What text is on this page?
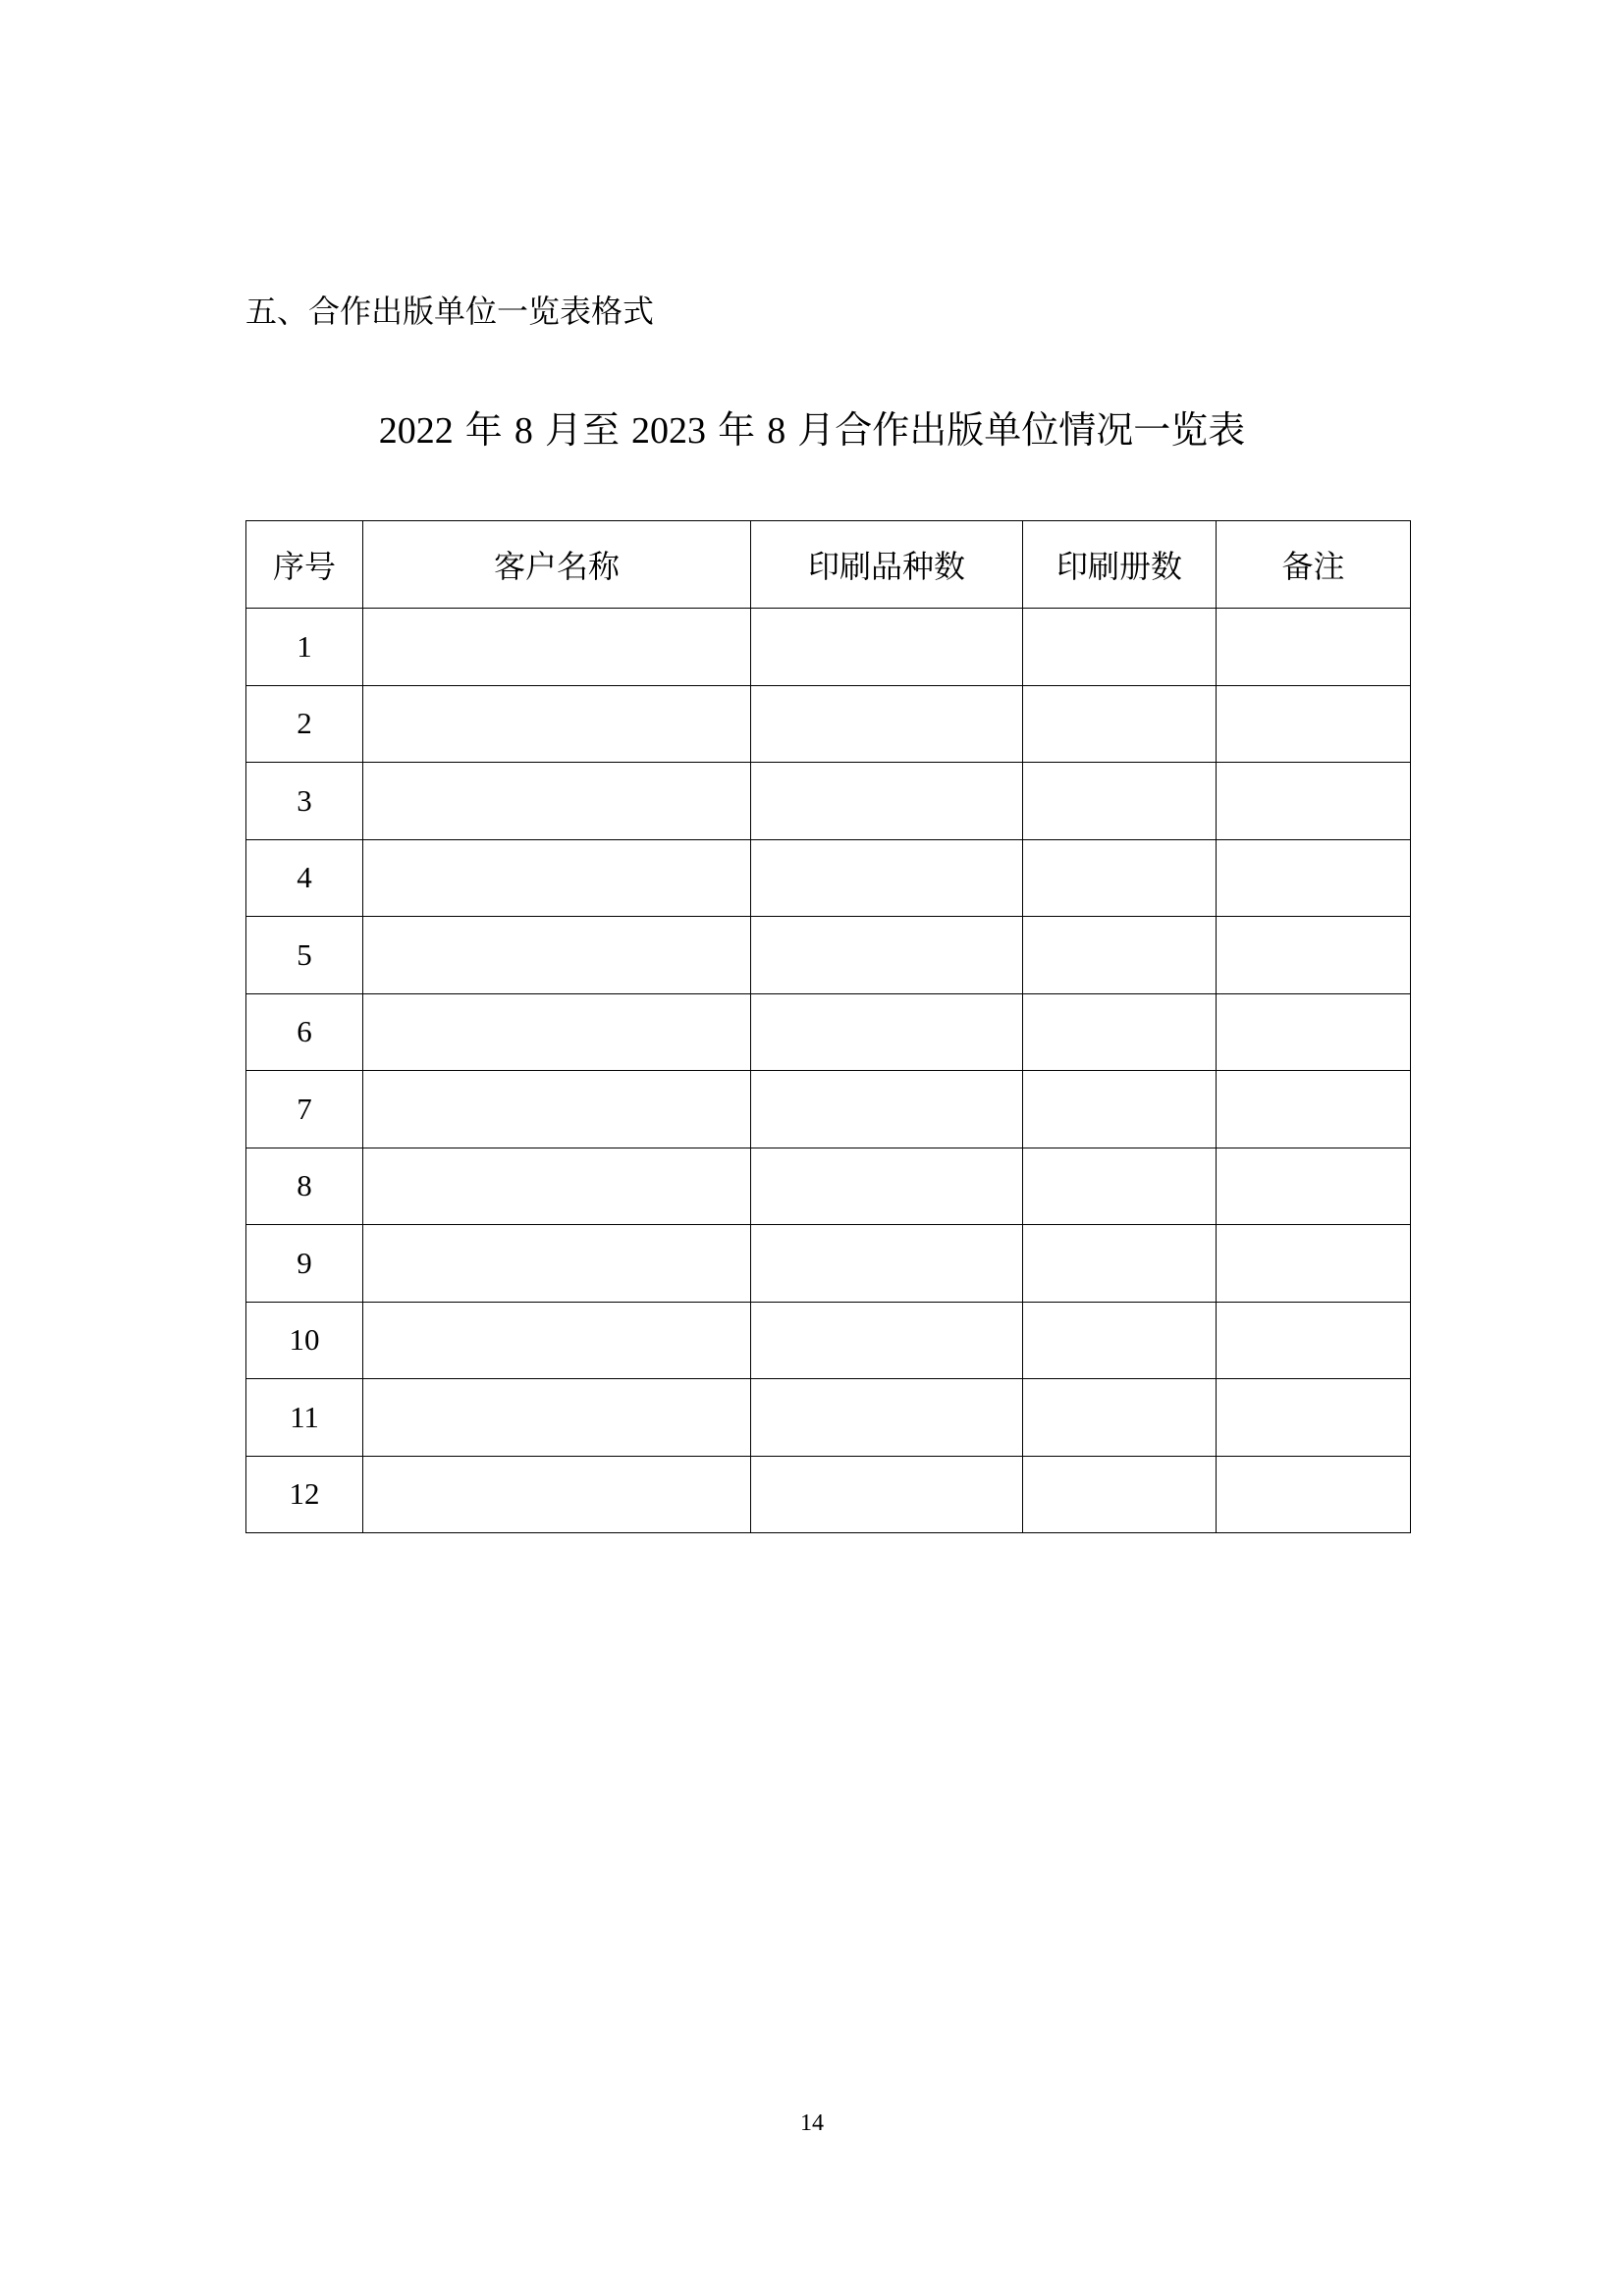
五、合作出版单位一览表格式
2022 年 8 月至 2023 年 8 月合作出版单位情况一览表
序号	客户名称	印刷品种数	印刷册数	备注
1				
2				
3				
4				
5				
6				
7				
8				
9				
10				
11				
12				
14
